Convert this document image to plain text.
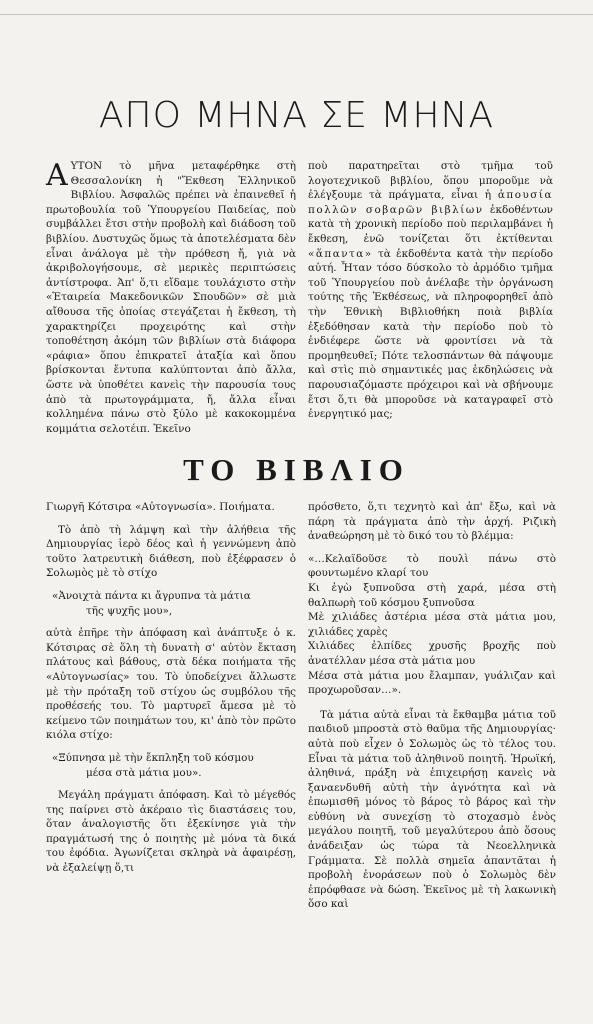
ΑΠΟ ΜΗΝΑ ΣΕ ΜΗΝΑ

ΑΥΤΟΝ τὸ μῆνα μεταφέρθηκε στὴ Θεσσαλονίκη ἡ "Ἔκθεση Ἑλληνικοῦ Βιβλίου. Ἀσφαλῶς πρέπει νὰ ἐπαινεθεῖ ἡ πρωτοβουλία τοῦ Ὑπουργείου Παιδείας, ποὺ συμβάλλει ἔτσι στὴν προβολὴ καὶ διάδοση τοῦ βιβλίου. Δυστυχῶς ὅμως τὰ ἀποτελέσματα δὲν εἶναι ἀνάλογα μὲ τὴν πρόθεση ἤ, γιὰ νὰ ἀκριβολογήσουμε, σὲ μερικὲς περιπτώσεις ἀντίστροφα. Ἀπ' ὅ,τι εἴδαμε τουλάχιστο στὴν «Ἑταιρεία Μακεδονικῶν Σπουδῶν» σὲ μιὰ αἴθουσα τῆς ὁποίας στεγάζεται ἡ ἔκθεση, τὴ χαρακτηρίζει προχειρότης καὶ στὴν τοποθέτηση ἀκόμη τῶν βιβλίων στὰ διάφορα «ράφια» ὅπου ἐπικρατεῖ ἀταξία καὶ ὅπου βρίσκονται ἔντυπα καλύπτονται ἀπὸ ἄλλα, ὥστε νὰ ὑποθέτει κανεὶς τὴν παρουσία τους ἀπὸ τὰ πρωτογράμματα, ἤ, ἄλλα εἶναι κολλημένα πάνω στὸ ξύλο μὲ κακοκομμένα κομμάτια σελοτέιπ. Ἐκεῖνο

ποὺ παρατηρεῖται στὸ τμῆμα τοῦ λογοτεχνικοῦ βιβλίου, ὅπου μποροῦμε νὰ ἐλέγξουμε τὰ πράγματα, εἶναι ἡ ἀπουσία πολλῶν σοβαρῶν βιβλίων ἐκδοθέντων κατὰ τὴ χρονικὴ περίοδο ποὺ περιλαμβάνει ἡ ἔκθεση, ἐνῶ τονίζεται ὅτι ἐκτίθενται «ἅπαντα» τὰ ἐκδοθέντα κατὰ τὴν περίοδο αὐτή. Ἦταν τόσο δύσκολο τὸ ἁρμόδιο τμῆμα τοῦ Ὑπουργείου ποὺ ἀνέλαβε τὴν ὀργάνωση τούτης τῆς Ἐκθέσεως, νὰ πληροφορηθεῖ ἀπὸ τὴν Ἐθνικὴ Βιβλιοθήκη ποιὰ βιβλία ἐξεδόθησαν κατὰ τὴν περίοδο ποὺ τὸ ἐνδιέφερε ὥστε νὰ φροντίσει νὰ τὰ προμηθευθεῖ; Πότε τελοσπάντων θὰ πάψουμε καὶ στὶς πιὸ σημαντικές μας ἐκδηλώσεις νὰ παρουσιαζόμαστε πρόχειροι καὶ νὰ σβήνουμε ἔτσι ὅ,τι θὰ μποροῦσε νὰ καταγραφεῖ στὸ ἐνεργητικό μας;

ΤΟ ΒΙΒΛΙΟ

Γιωργῆ Κότσιρα «Αὐτογνωσία». Ποιήματα.

Τὸ ἀπὸ τὴ λάμψη καὶ τὴν ἀλήθεια τῆς Δημιουργίας ἱερὸ δέος καὶ ἡ γεννώμενη ἀπὸ τοῦτο λατρευτικὴ διάθεση, ποὺ ἐξέφρασεν ὁ Σολωμὸς μὲ τὸ στίχο

«Ἀνοιχτὰ πάντα κι ἄγρυπνα τὰ μάτια
τῆς ψυχῆς μου»,

αὐτὰ ἐπῆρε τὴν ἀπόφαση καὶ ἀνάπτυξε ὁ κ. Κότσιρας σὲ ὅλη τὴ δυνατὴ σ' αὐτὸν ἔκταση πλάτους καὶ βάθους, στὰ δέκα ποιήματα τῆς «Αὐτογνωσίας» του. Τὸ ὑποδείχνει ἄλλωστε μὲ τὴν πρόταξη τοῦ στίχου ὡς συμβόλου τῆς προθέσεής του. Τὸ μαρτυρεῖ ἄμεσα μὲ τὸ κείμενο τῶν ποιημάτων του, κι' ἀπὸ τὸν πρῶτο κιόλα στίχο:

«Ξύπνησα μὲ τὴν ἔκπληξη τοῦ κόσμου
μέσα στὰ μάτια μου».

Μεγάλη πράγματι ἀπόφαση. Καὶ τὸ μέγεθός της παίρνει στὸ ἀκέραιο τὶς διαστάσεις του, ὅταν ἀναλογιστῆς ὅτι ἐξεκίνησε γιὰ τὴν πραγμάτωσή της ὁ ποιητὴς μὲ μόνα τὰ δικά του ἐφόδια. Ἀγωνίζεται σκληρὰ νὰ ἀφαιρέσῃ, νὰ ἐξαλείψῃ ὅ,τι

πρόσθετο, ὅ,τι τεχνητὸ καὶ ἀπ' ἔξω, καὶ νὰ πάρη τὰ πράγματα ἀπὸ τὴν ἀρχή. Ριζικὴ ἀναθεώρηση μὲ τὸ δικό του τὸ βλέμμα:

«…Κελαϊδοῦσε τὸ πουλὶ πάνω στὸ φουντωμένο κλαρί του
Κι ἐγὼ ξυπνοῦσα στὴ χαρά, μέσα στὴ θαλπωρὴ τοῦ κόσμου ξυπνοῦσα
Μὲ χιλιάδες ἀστέρια μέσα στὰ μάτια μου, χιλιάδες χαρὲς
Χιλιάδες ἐλπίδες χρυσῆς βροχῆς ποὺ ἀνατέλλαν μέσα στὰ μάτια μου
Μέσα στὰ μάτια μου ἔλαμπαν, γυάλιζαν καὶ προχωροῦσαν…».

Τὰ μάτια αὐτὰ εἶναι τὰ ἔκθαμβα μάτια τοῦ παιδιοῦ μπροστὰ στὸ θαῦμα τῆς Δημιουργίας· αὐτὰ ποὺ εἶχεν ὁ Σολωμὸς ὡς τὸ τέλος του. Εἶναι τὰ μάτια τοῦ ἀληθινοῦ ποιητῆ. Ἡρωϊκή, ἀληθινά, πράξη νὰ ἐπιχειρήσῃ κανεὶς νὰ ξαναενδυθῆ αὐτὴ τὴν ἀγνότητα καὶ νὰ ἐπωμισθῆ μόνος τὸ βάρος τὸ βάρος καὶ τὴν εὐθύνη νὰ συνεχίσῃ τὸ στοχασμὸ ἑνὸς μεγάλου ποιητῆ, τοῦ μεγαλύτερου ἀπὸ ὅσους ἀνάδειξαν ὡς τώρα τὰ Νεοελληνικὰ Γράμματα. Σὲ πολλὰ σημεῖα ἀπαντᾶται ἡ προβολὴ ἐνοράσεων ποὺ ὁ Σολωμὸς δὲν ἐπρόφθασε νὰ δώση. Ἐκεῖνος μὲ τὴ λακωνικὴ ὅσο καὶ
